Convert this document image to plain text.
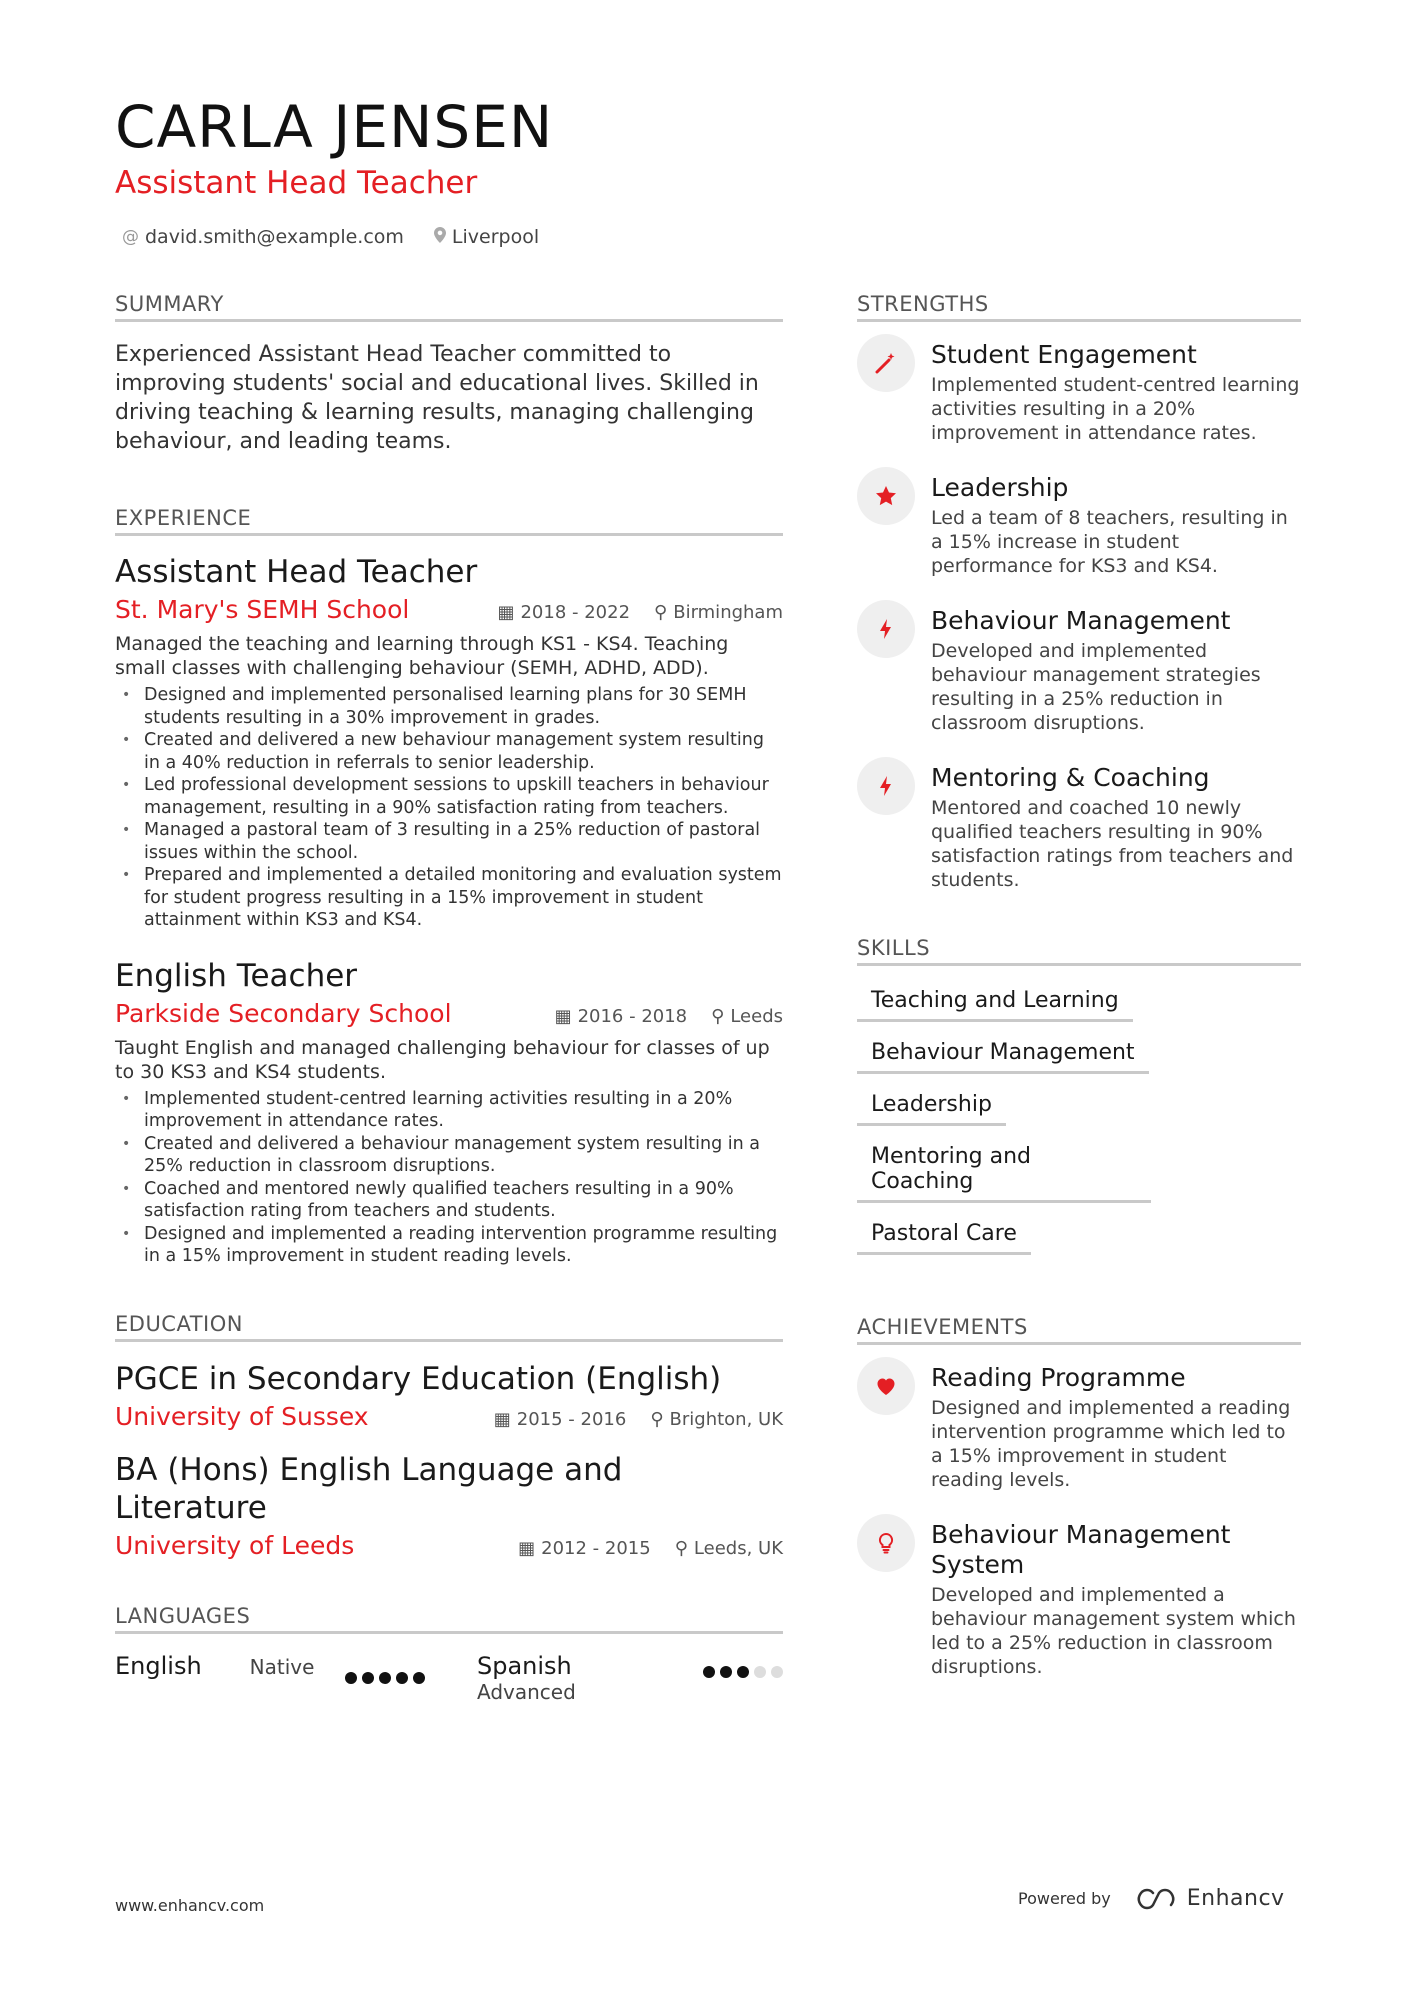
CARLA JENSEN
Assistant Head Teacher
@ david.smith@example.com	Liverpool
SUMMARY

Experienced Assistant Head Teacher committed to improving students' social and educational lives. Skilled in driving teaching & learning results, managing challenging behaviour, and leading teams.

EXPERIENCE
Assistant Head Teacher
St. Mary's SEMH School	▦ 2018 - 2022 ⚲ Birmingham
Managed the teaching and learning through KS1 - KS4. Teaching small classes with challenging behaviour (SEMH, ADHD, ADD).
• Designed and implemented personalised learning plans for 30 SEMH students resulting in a 30% improvement in grades.
• Created and delivered a new behaviour management system resulting in a 40% reduction in referrals to senior leadership.
• Led professional development sessions to upskill teachers in behaviour management, resulting in a 90% satisfaction rating from teachers.
• Managed a pastoral team of 3 resulting in a 25% reduction of pastoral issues within the school.
• Prepared and implemented a detailed monitoring and evaluation system for student progress resulting in a 15% improvement in student attainment within KS3 and KS4.
English Teacher
Parkside Secondary School	▦ 2016 - 2018 ⚲ Leeds
Taught English and managed challenging behaviour for classes of up to 30 KS3 and KS4 students.
• Implemented student-centred learning activities resulting in a 20% improvement in attendance rates.
• Created and delivered a behaviour management system resulting in a 25% reduction in classroom disruptions.
• Coached and mentored newly qualified teachers resulting in a 90% satisfaction rating from teachers and students.
• Designed and implemented a reading intervention programme resulting in a 15% improvement in student reading levels.
EDUCATION
PGCE in Secondary Education (English)
University of Sussex	▦ 2015 - 2016 ⚲ Brighton, UK
BA (Hons) English Language and Literature
University of Leeds	▦ 2012 - 2015 ⚲ Leeds, UK
LANGUAGES
English Native	Spanish
Advanced
STRENGTHS
Student Engagement
Implemented student-centred learning activities resulting in a 20% improvement in attendance rates.
Leadership
Led a team of 8 teachers, resulting in a 15% increase in student performance for KS3 and KS4.
Behaviour Management
Developed and implemented behaviour management strategies resulting in a 25% reduction in classroom disruptions.
Mentoring & Coaching
Mentored and coached 10 newly qualified teachers resulting in 90% satisfaction ratings from teachers and students.
SKILLS
Teaching and Learning
Behaviour Management
Leadership
Mentoring and Coaching
Pastoral Care
ACHIEVEMENTS
Reading Programme
Designed and implemented a reading intervention programme which led to a 15% improvement in student reading levels.
Behaviour Management System
Developed and implemented a behaviour management system which led to a 25% reduction in classroom disruptions.
www.enhancv.com	Powered by	Enhancv
